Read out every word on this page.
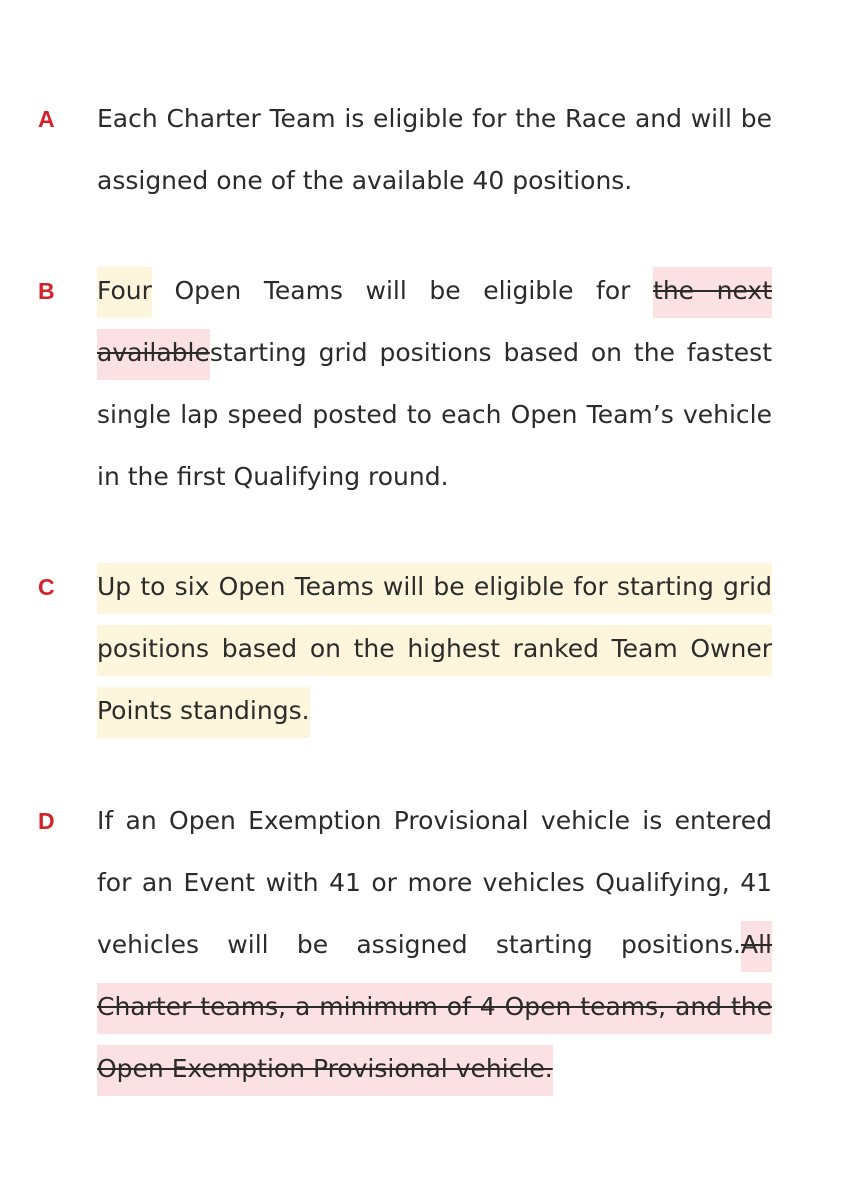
A	Each Charter Team is eligible for the Race and will be assigned one of the available 40 positions.
B	Four Open Teams will be eligible for the next availablestarting grid positions based on the fastest single lap speed posted to each Open Team’s vehicle in the first Qualifying round.
C	Up to six Open Teams will be eligible for starting grid positions based on the highest ranked Team Owner Points standings.
D	If an Open Exemption Provisional vehicle is entered for an Event with 41 or more vehicles Qualifying, 41 vehicles will be assigned starting positions.All Charter teams, a minimum of 4 Open teams, and the Open Exemption Provisional vehicle.
